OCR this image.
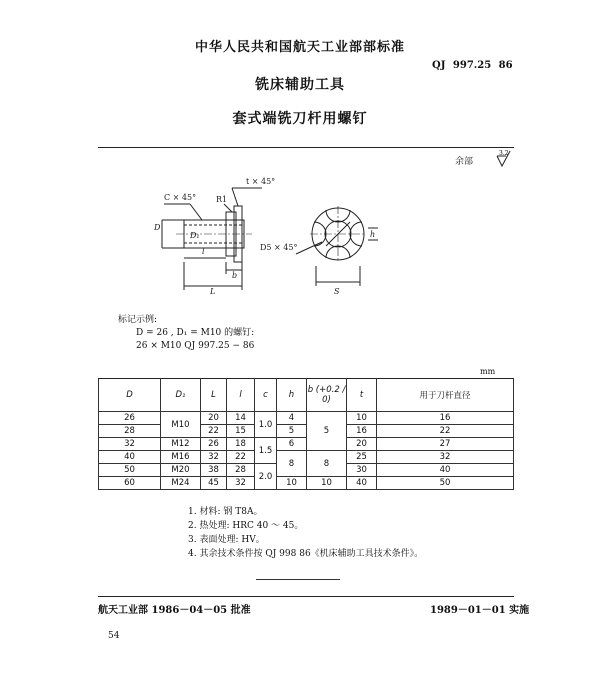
中华人民共和国航天工业部部标准
QJ 997.25 86
铣床辅助工具
套式端铣刀杆用螺钉
余部
3.2
C × 45°
t × 45°
R1
D
D₁
l
b
L
D5 × 45°
S
h
标记示例:
D = 26 , D₁ = M10 的螺钉:
26 × M10 QJ 997.25 − 86
mm
D	D₁	L	l	c	h	b (+0.2 / 0)	t	用于刀杆直径
26	M10	20	14	1.0	4	5	10	16
28		22	15		5		16	22
32	M12	26	18	1.5	6		20	27
40	M16	32	22		8	8	25	32
50	M20	38	28	2.0			30	40
60	M24	45	32		10	10	40	50
1. 材料: 钢 T8A。
2. 热处理: HRC 40 ～ 45。
3. 表面处理: HV。
4. 其余技术条件按 QJ 998 86《机床辅助工具技术条件》。
航天工业部 1986－04－05 批准	1989－01－01 实施
54
